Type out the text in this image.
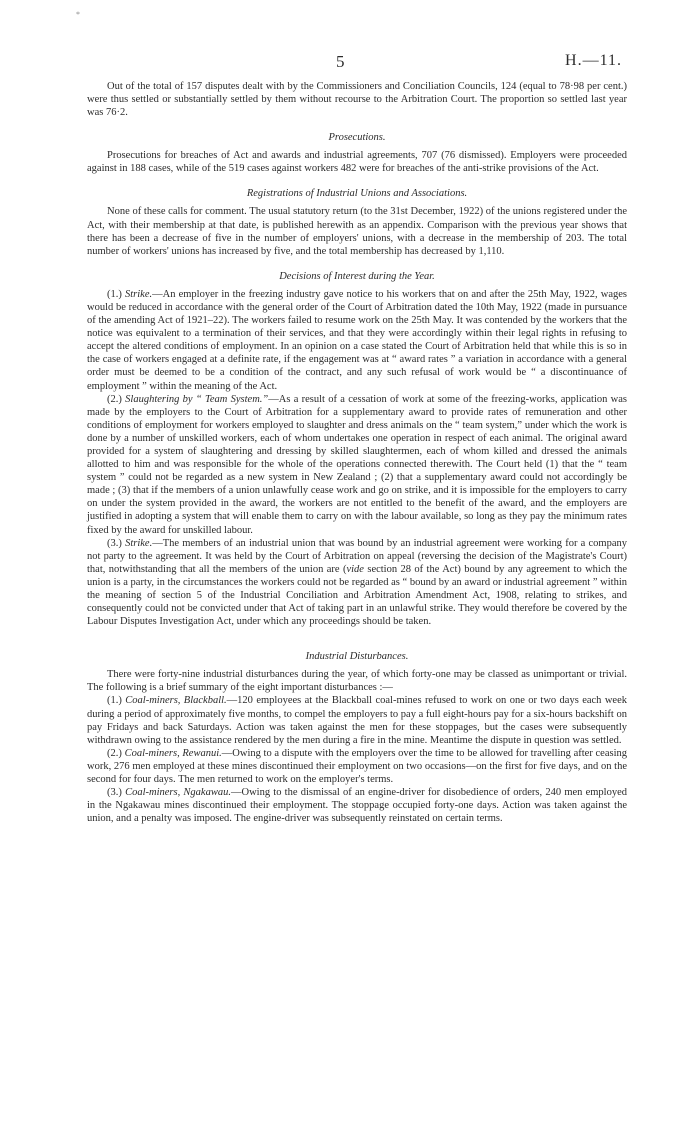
*
5	H.—11.

Out of the total of 157 disputes dealt with by the Commissioners and Conciliation Councils, 124 (equal to 78·98 per cent.) were thus settled or substantially settled by them without recourse to the Arbitration Court. The proportion so settled last year was 76·2.

Prosecutions.

Prosecutions for breaches of Act and awards and industrial agreements, 707 (76 dismissed). Employers were proceeded against in 188 cases, while of the 519 cases against workers 482 were for breaches of the anti-strike provisions of the Act.

Registrations of Industrial Unions and Associations.

None of these calls for comment. The usual statutory return (to the 31st December, 1922) of the unions registered under the Act, with their membership at that date, is published herewith as an appendix. Comparison with the previous year shows that there has been a decrease of five in the number of employers' unions, with a decrease in the membership of 203. The total number of workers' unions has increased by five, and the total membership has decreased by 1,110.

Decisions of Interest during the Year.

(1.) Strike.—An employer in the freezing industry gave notice to his workers that on and after the 25th May, 1922, wages would be reduced in accordance with the general order of the Court of Arbitration dated the 10th May, 1922 (made in pursuance of the amending Act of 1921–22). The workers failed to resume work on the 25th May. It was contended by the workers that the notice was equivalent to a termination of their services, and that they were accordingly within their legal rights in refusing to accept the altered conditions of employment. In an opinion on a case stated the Court of Arbitration held that while this is so in the case of workers engaged at a definite rate, if the engagement was at “ award rates ” a variation in accordance with a general order must be deemed to be a condition of the contract, and any such refusal of work would be “ a discontinuance of employment ” within the meaning of the Act.

(2.) Slaughtering by “ Team System.”—As a result of a cessation of work at some of the freezing-works, application was made by the employers to the Court of Arbitration for a supplementary award to provide rates of remuneration and other conditions of employment for workers employed to slaughter and dress animals on the “ team system,” under which the work is done by a number of unskilled workers, each of whom undertakes one operation in respect of each animal. The original award provided for a system of slaughtering and dressing by skilled slaughtermen, each of whom killed and dressed the animals allotted to him and was responsible for the whole of the operations connected therewith. The Court held (1) that the “ team system ” could not be regarded as a new system in New Zealand ; (2) that a supplementary award could not accordingly be made ; (3) that if the members of a union unlawfully cease work and go on strike, and it is impossible for the employers to carry on under the system provided in the award, the workers are not entitled to the benefit of the award, and the employers are justified in adopting a system that will enable them to carry on with the labour available, so long as they pay the minimum rates fixed by the award for unskilled labour.

(3.) Strike.—The members of an industrial union that was bound by an industrial agreement were working for a company not party to the agreement. It was held by the Court of Arbitration on appeal (reversing the decision of the Magistrate's Court) that, notwithstanding that all the members of the union are (vide section 28 of the Act) bound by any agreement to which the union is a party, in the circumstances the workers could not be regarded as “ bound by an award or industrial agreement ” within the meaning of section 5 of the Industrial Conciliation and Arbitration Amendment Act, 1908, relating to strikes, and consequently could not be convicted under that Act of taking part in an unlawful strike. They would therefore be covered by the Labour Disputes Investigation Act, under which any proceedings should be taken.

Industrial Disturbances.

There were forty-nine industrial disturbances during the year, of which forty-one may be classed as unimportant or trivial. The following is a brief summary of the eight important disturbances :—

(1.) Coal-miners, Blackball.—120 employees at the Blackball coal-mines refused to work on one or two days each week during a period of approximately five months, to compel the employers to pay a full eight-hours pay for a six-hours backshift on pay Fridays and back Saturdays. Action was taken against the men for these stoppages, but the cases were subsequently withdrawn owing to the assistance rendered by the men during a fire in the mine. Meantime the dispute in question was settled.

(2.) Coal-miners, Rewanui.—Owing to a dispute with the employers over the time to be allowed for travelling after ceasing work, 276 men employed at these mines discontinued their employment on two occasions—on the first for five days, and on the second for four days. The men returned to work on the employer's terms.

(3.) Coal-miners, Ngakawau.—Owing to the dismissal of an engine-driver for disobedience of orders, 240 men employed in the Ngakawau mines discontinued their employment. The stoppage occupied forty-one days. Action was taken against the union, and a penalty was imposed. The engine-driver was subsequently reinstated on certain terms.
